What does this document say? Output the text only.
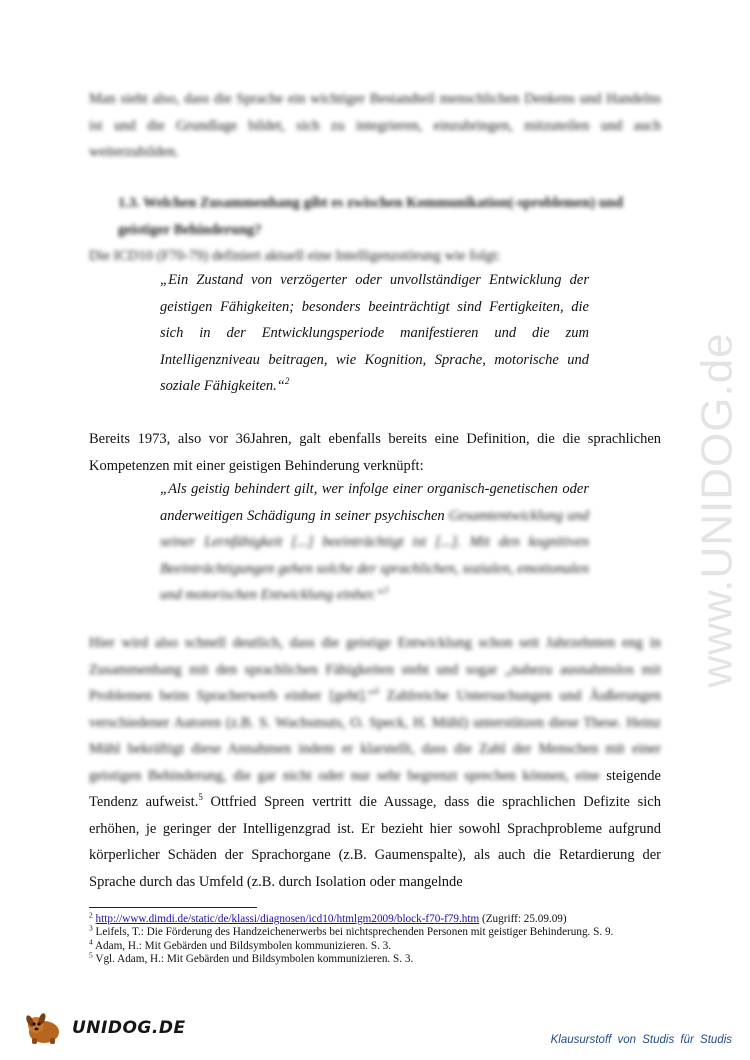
www.UNIDOG.de

Man sieht also, dass die Sprache ein wichtiger Bestandteil menschlichen Denkens und Handelns ist und die Grundlage bildet, sich zu integrieren, einzubringen, mitzuteilen und auch weiterzubilden.

1.3. Welchen Zusammenhang gibt es zwischen Kommunikation(-sproblemen) und geistiger Behinderung?

Die ICD10 (F70-79) definiert aktuell eine Intelligenzstörung wie folgt:

„Ein Zustand von verzögerter oder unvollständiger Entwicklung der geistigen Fähigkeiten; besonders beeinträchtigt sind Fertigkeiten, die sich in der Entwicklungsperiode manifestieren und die zum Intelligenzniveau beitragen, wie Kognition, Sprache, motorische und soziale Fähigkeiten.“$^2$

Bereits 1973, also vor 36Jahren, galt ebenfalls bereits eine Definition, die die sprachlichen Kompetenzen mit einer geistigen Behinderung verknüpft:

„Als geistig behindert gilt, wer infolge einer organisch-genetischen oder anderweitigen Schädigung in seiner psychischen Gesamtentwicklung und seiner Lernfähigkeit [...] beeinträchtigt ist [...]. Mit den kognitiven Beeinträchtigungen gehen solche der sprachlichen, sozialen, emotionalen und motorischen Entwicklung einher.“$^3$

Hier wird also schnell deutlich, dass die geistige Entwicklung schon seit Jahrzehnten eng in Zusammenhang mit den sprachlichen Fähigkeiten steht und sogar „nahezu ausnahmslos mit Problemen beim Spracherwerb einher [geht].“$^4$ Zahlreiche Untersuchungen und Äußerungen verschiedener Autoren (z.B. S. Wachsmuts, O. Speck, H. Mühl) unterstützen diese These. Heinz Mühl bekräftigt diese Annahmen indem er klarstellt, dass die Zahl der Menschen mit einer geistigen Behinderung, die gar nicht oder nur sehr begrenzt sprechen können, eine steigende Tendenz aufweist.$^5$ Ottfried Spreen vertritt die Aussage, dass die sprachlichen Defizite sich erhöhen, je geringer der Intelligenzgrad ist. Er bezieht hier sowohl Sprachprobleme aufgrund körperlicher Schäden der Sprachorgane (z.B. Gaumenspalte), als auch die Retardierung der Sprache durch das Umfeld (z.B. durch Isolation oder mangelnde

$^2$ http://www.dimdi.de/static/de/klassi/diagnosen/icd10/htmlgm2009/block-f70-f79.htm (Zugriff: 25.09.09)
$^3$ Leifels, T.: Die Förderung des Handzeichenerwerbs bei nichtsprechenden Personen mit geistiger Behinderung. S. 9.
$^4$ Adam, H.: Mit Gebärden und Bildsymbolen kommunizieren. S. 3.
$^5$ Vgl. Adam, H.: Mit Gebärden und Bildsymbolen kommunizieren. S. 3.
UNIDOG.DE
Klausurstoff von Studis für Studis
